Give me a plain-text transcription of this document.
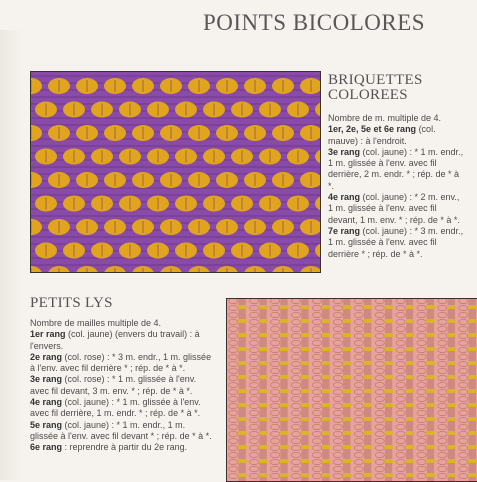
POINTS BICOLORES
BRIQUETTES
COLOREES

Nombre de m. multiple de 4.

1er, 2e, 5e et 6e rang (col. mauve) : à l'endroit.

3e rang (col. jaune) : * 1 m. endr., 1 m. glissée à l'env. avec fil derrière, 2 m. endr. * ; rép. de * à *.

4e rang (col. jaune) : * 2 m. env., 1 m. glissée à l'env. avec fil devant, 1 m. env. * ; rép. de * à *.

7e rang (col. jaune) : * 3 m. endr., 1 m. glissée à l'env. avec fil derrière * ; rép. de * à *.

PETITS LYS

Nombre de mailles multiple de 4.

1er rang (col. jaune) (envers du travail) : à l'envers.

2e rang (col. rose) : * 3 m. endr., 1 m. glissée à l'env. avec fil derrière * ; rép. de * à *.

3e rang (col. rose) : * 1 m. glissée à l'env. avec fil devant, 3 m. env. * ; rép. de * à *.

4e rang (col. jaune) : * 1 m. glissée à l'env. avec fil derrière, 1 m. endr. * ; rép. de * à *.

5e rang (col. jaune) : * 1 m. endr., 1 m. glissée à l'env. avec fil devant * ; rép. de * à *.

6e rang : reprendre à partir du 2e rang.
